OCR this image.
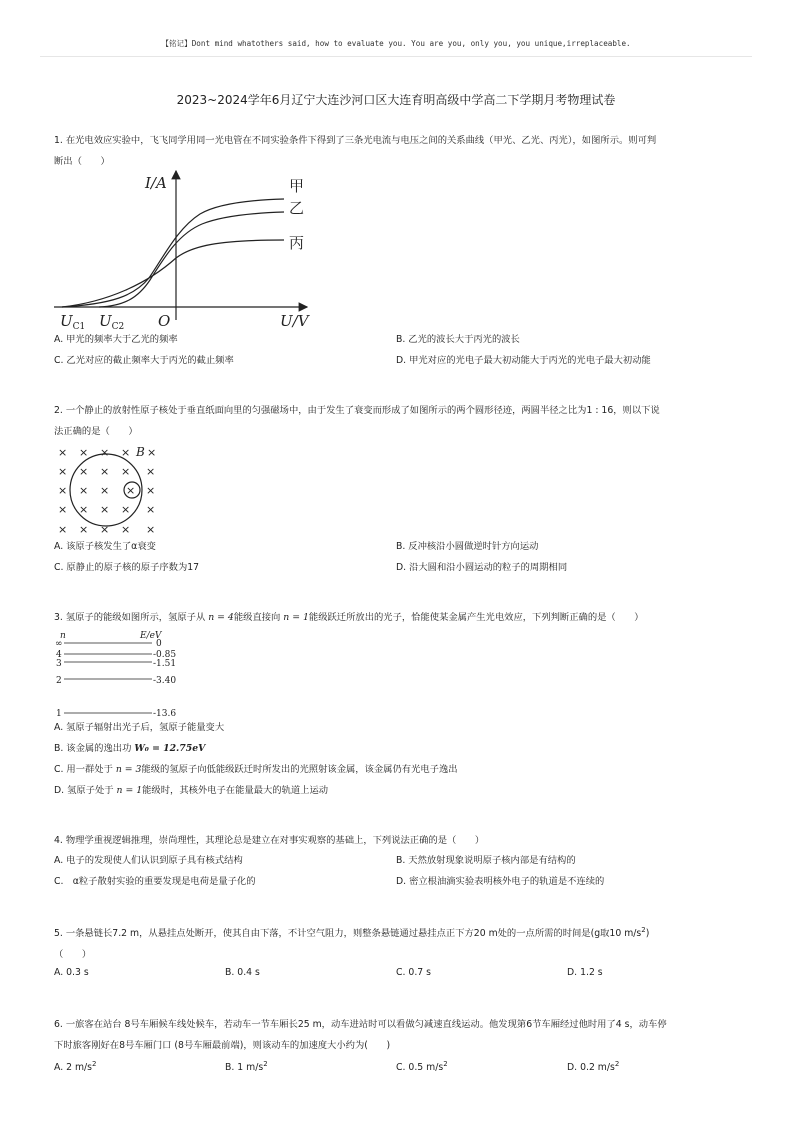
【铭记】Dont mind whatothers said, how to evaluate you. You are you, only you, you unique,irreplaceable.
2023~2024学年6月辽宁大连沙河口区大连育明高级中学高二下学期月考物理试卷
1. 在光电效应实验中，飞飞同学用同一光电管在不同实验条件下得到了三条光电流与电压之间的关系曲线（甲光、乙光、丙光），如图所示。则可判
断出（　　）
I/A
U/V
O
$U_{C1}$ $U_{C2}$
甲
乙
丙
A. 甲光的频率大于乙光的频率	B. 乙光的波长大于丙光的波长
C. 乙光对应的截止频率大于丙光的截止频率	D. 甲光对应的光电子最大初动能大于丙光的光电子最大初动能
2. 一个静止的放射性原子核处于垂直纸面向里的匀强磁场中，由于发生了衰变而形成了如图所示的两个圆形径迹，两圆半径之比为1 : 16，则以下说
法正确的是（　　）
B
× × × ×
× × × × ×
× × × × ×
× × × × ×
× × × × ×
×
A. 该原子核发生了α衰变	B. 反冲核沿小圆做逆时针方向运动
C. 原静止的原子核的原子序数为17	D. 沿大圆和沿小圆运动的粒子的周期相同
3. 氢原子的能级如图所示，氢原子从 n = 4能级直接向 n = 1能级跃迁所放出的光子，恰能使某金属产生光电效应，下列判断正确的是（　　）
n	E/eV
∞	0
4	-0.85
3	-1.51
2	-3.40
1	-13.6
A. 氢原子辐射出光子后，氢原子能量变大
B. 该金属的逸出功 W₀ = 12.75eV
C. 用一群处于 n = 3能级的氢原子向低能级跃迁时所发出的光照射该金属，该金属仍有光电子逸出
D. 氢原子处于 n = 1能级时，其核外电子在能量最大的轨道上运动
4. 物理学重视逻辑推理，崇尚理性，其理论总是建立在对事实观察的基础上，下列说法正确的是（　　）
A. 电子的发现使人们认识到原子具有核式结构	B. 天然放射现象说明原子核内部是有结构的
C.　α粒子散射实验的重要发现是电荷是量子化的	D. 密立根油滴实验表明核外电子的轨道是不连续的
5. 一条悬链长7.2 m，从悬挂点处断开，使其自由下落，不计空气阻力，则整条悬链通过悬挂点正下方20 m处的一点所需的时间是(g取10 $m/s^2$)
（　　）
A. 0.3 s	B. 0.4 s	C. 0.7 s	D. 1.2 s
6. 一旅客在站台 8号车厢候车线处候车，若动车一节车厢长25 m，动车进站时可以看做匀减速直线运动。他发现第6节车厢经过他时用了4 s，动车停
下时旅客刚好在8号车厢门口 (8号车厢最前端)，则该动车的加速度大小约为(　　)
A. 2 $m/s^2$	B. 1 $m/s^2$	C. 0.5 $m/s^2$	D. 0.2 $m/s^2$
